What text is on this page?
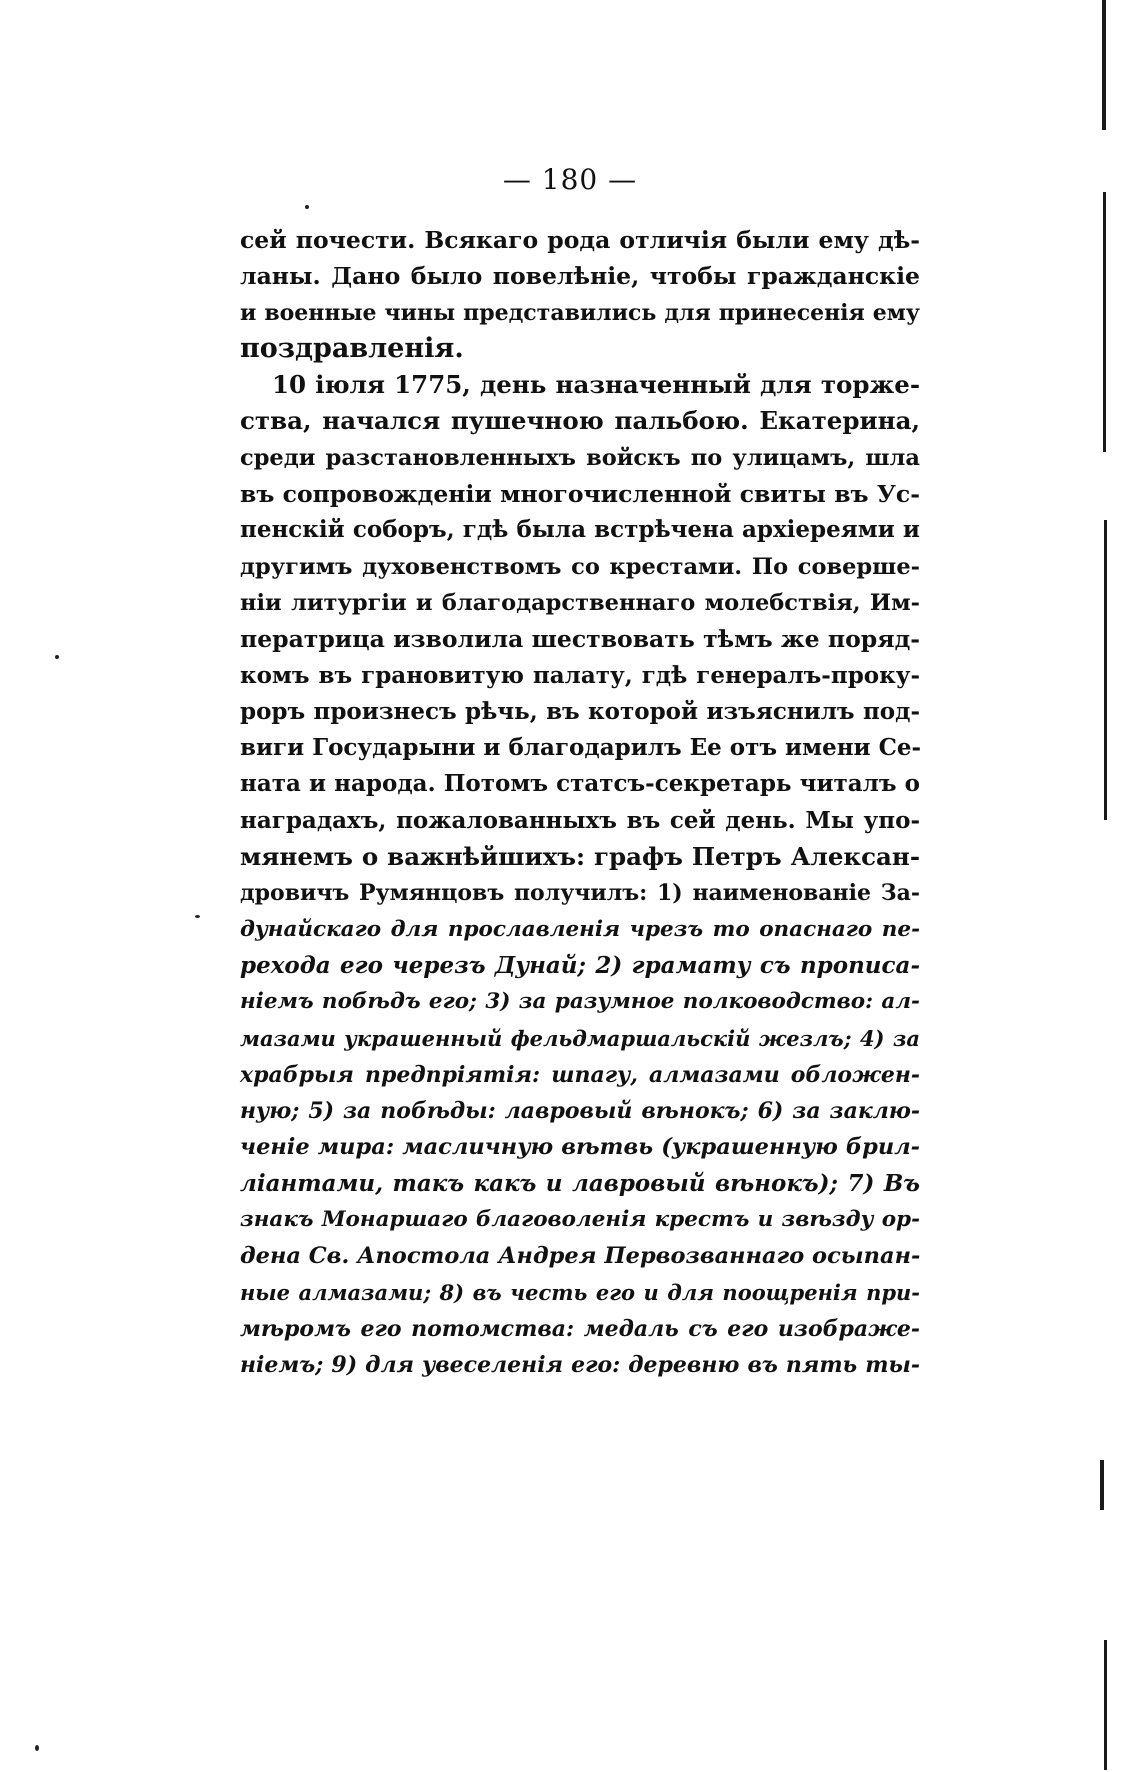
— 180 —
сей почести. Всякаго рода отличія были ему дѣ-
ланы. Дано было повелѣніе, чтобы гражданскіе
и военные чины представились для принесенія ему
поздравленія.
10 іюля 1775, день назначенный для торже-
ства, начался пушечною пальбою. Екатерина,
среди разстановленныхъ войскъ по улицамъ, шла
въ сопровожденіи многочисленной свиты въ Ус-
пенскій соборъ, гдѣ была встрѣчена архіереями и
другимъ духовенствомъ со крестами. По соверше-
ніи литургіи и благодарственнаго молебствія, Им-
ператрица изволила шествовать тѣмъ же поряд-
комъ въ грановитую палату, гдѣ генералъ-проку-
роръ произнесъ рѣчь, въ которой изъяснилъ под-
виги Государыни и благодарилъ Ее отъ имени Се-
ната и народа. Потомъ статсъ-секретарь читалъ о
наградахъ, пожалованныхъ въ сей день. Мы упо-
мянемъ о важнѣйшихъ: графъ Петръ Алексан-
дровичъ Румянцовъ получилъ: 1) наименованіе За-
дунайскаго для прославленія чрезъ то опаснаго пе-
рехода его черезъ Дунай; 2) грамату съ прописа-
ніемъ побѣдъ его; 3) за разумное полководство: ал-
мазами украшенный фельдмаршальскій жезлъ; 4) за
храбрыя предпріятія: шпагу, алмазами обложен-
ную; 5) за побѣды: лавровый вѣнокъ; 6) за заклю-
ченіе мира: масличную вѣтвь (украшенную брил-
ліантами, такъ какъ и лавровый вѣнокъ); 7) Въ
знакъ Монаршаго благоволенія крестъ и звѣзду ор-
дена Св. Апостола Андрея Первозваннаго осыпан-
ные алмазами; 8) въ честь его и для поощренія при-
мѣромъ его потомства: медаль съ его изображе-
ніемъ; 9) для увеселенія его: деревню въ пять ты-
